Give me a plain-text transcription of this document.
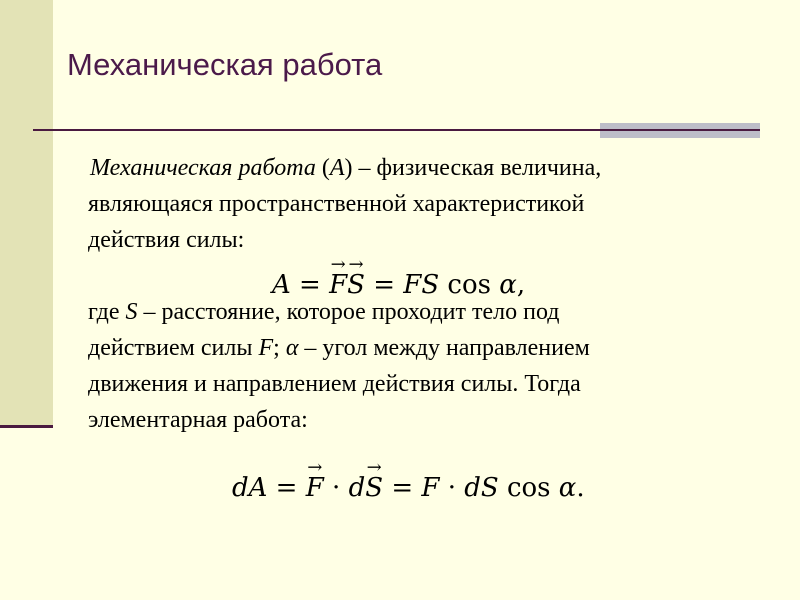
Механическая работа
Механическая работа (A) – физическая величина,
являющаяся пространственной характеристикой
действия силы:
где S – расстояние, которое проходит тело под
действием силы F; α – угол между направлением
движения и направлением действия силы. Тогда
элементарная работа:
A = → F→ S = FS cos α,
dA = → F · d→ S = F · dS cos α.
